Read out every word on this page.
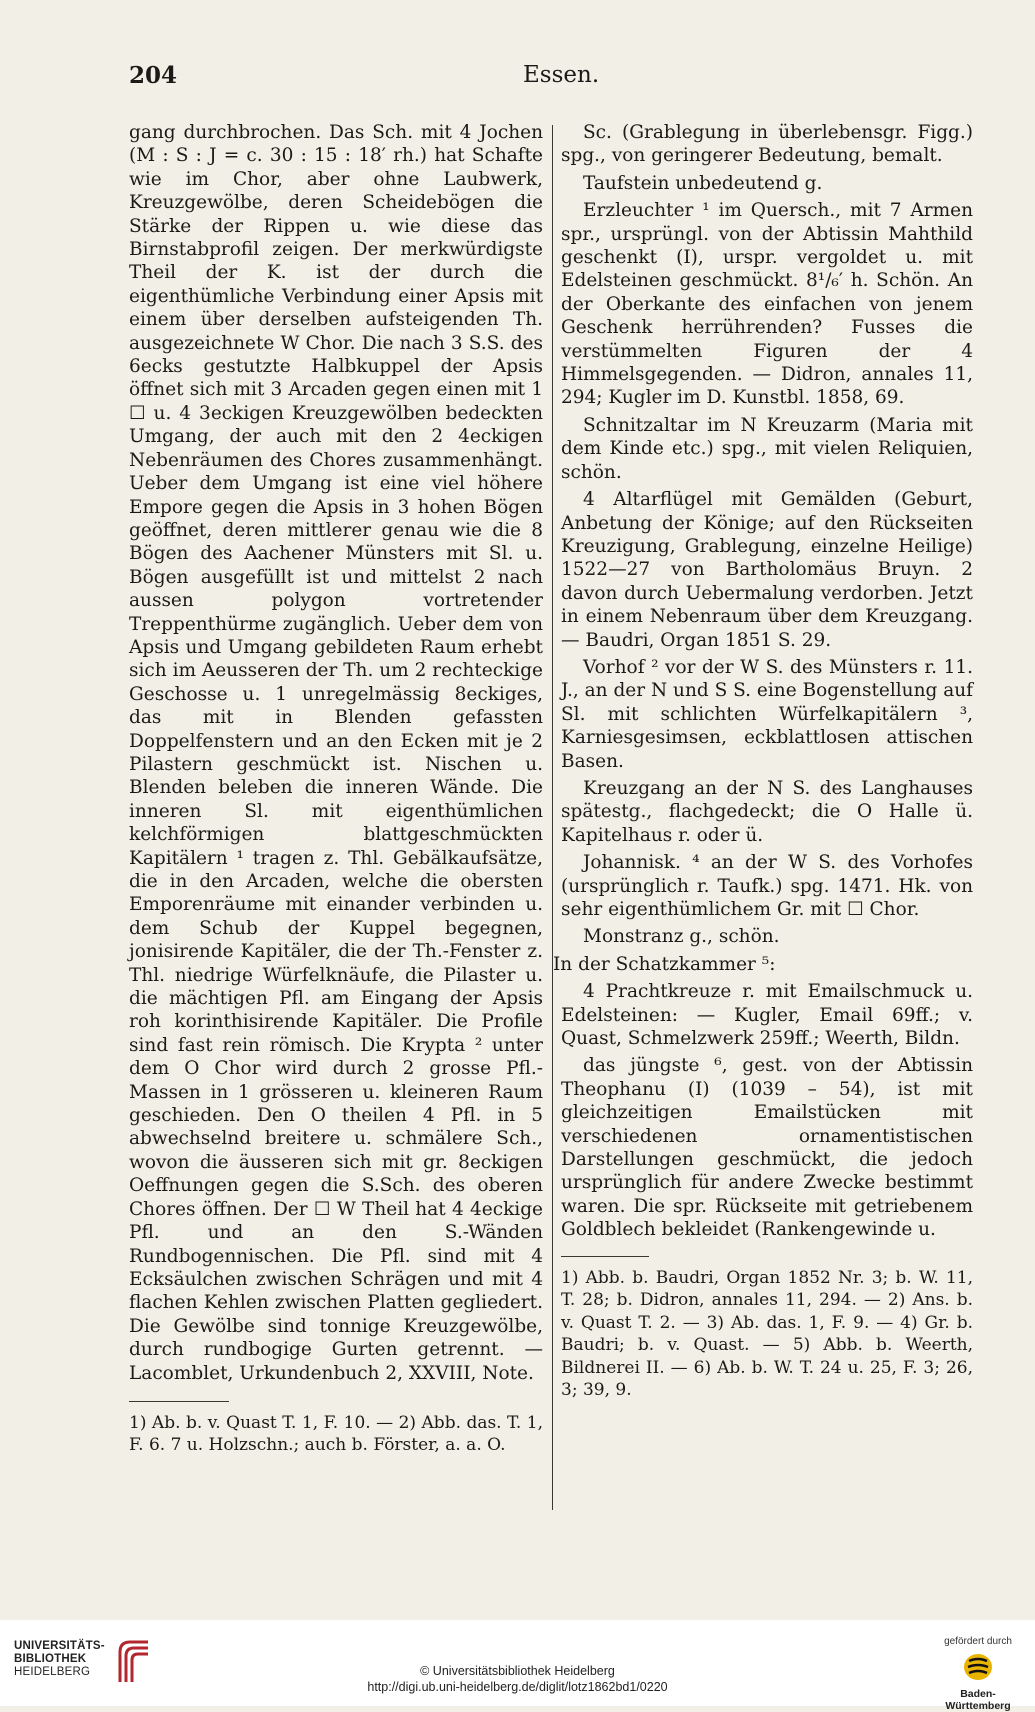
204	Essen.

gang durchbrochen. Das Sch. mit 4 Jochen (M : S : J = c. 30 : 15 : 18′ rh.) hat Schafte wie im Chor, aber ohne Laubwerk, Kreuzgewölbe, deren Scheidebögen die Stärke der Rippen u. wie diese das Birnstabprofil zeigen. Der merkwürdigste Theil der K. ist der durch die eigenthümliche Verbindung einer Apsis mit einem über derselben aufsteigenden Th. ausgezeichnete W Chor. Die nach 3 S.S. des 6ecks gestutzte Halbkuppel der Apsis öffnet sich mit 3 Arcaden gegen einen mit 1 ☐ u. 4 3eckigen Kreuzgewölben bedeckten Umgang, der auch mit den 2 4eckigen Nebenräumen des Chores zusammenhängt. Ueber dem Umgang ist eine viel höhere Empore gegen die Apsis in 3 hohen Bögen geöffnet, deren mittlerer genau wie die 8 Bögen des Aachener Münsters mit Sl. u. Bögen ausgefüllt ist und mittelst 2 nach aussen polygon vortretender Treppenthürme zugänglich. Ueber dem von Apsis und Umgang gebildeten Raum erhebt sich im Aeusseren der Th. um 2 rechteckige Geschosse u. 1 unregelmässig 8eckiges, das mit in Blenden gefassten Doppelfenstern und an den Ecken mit je 2 Pilastern geschmückt ist. Nischen u. Blenden beleben die inneren Wände. Die inneren Sl. mit eigenthümlichen kelchförmigen blattgeschmückten Kapitälern ¹ tragen z. Thl. Gebälkaufsätze, die in den Arcaden, welche die obersten Emporenräume mit einander verbinden u. dem Schub der Kuppel begegnen, jonisirende Kapitäler, die der Th.-Fenster z. Thl. niedrige Würfelknäufe, die Pilaster u. die mächtigen Pfl. am Eingang der Apsis roh korinthisirende Kapitäler. Die Profile sind fast rein römisch. Die Krypta ² unter dem O Chor wird durch 2 grosse Pfl.-Massen in 1 grösseren u. kleineren Raum geschieden. Den O theilen 4 Pfl. in 5 abwechselnd breitere u. schmälere Sch., wovon die äusseren sich mit gr. 8eckigen Oeffnungen gegen die S.Sch. des oberen Chores öffnen. Der ☐ W Theil hat 4 4eckige Pfl. und an den S.-Wänden Rundbogennischen. Die Pfl. sind mit 4 Ecksäulchen zwischen Schrägen und mit 4 flachen Kehlen zwischen Platten gegliedert. Die Gewölbe sind tonnige Kreuzgewölbe, durch rundbogige Gurten getrennt. — Lacomblet, Urkundenbuch 2, XXVIII, Note.

1) Ab. b. v. Quast T. 1, F. 10. — 2) Abb. das. T. 1, F. 6. 7 u. Holzschn.; auch b. Förster, a. a. O.

Sc. (Grablegung in überlebensgr. Figg.) spg., von geringerer Bedeutung, bemalt.

Taufstein unbedeutend g.

Erzleuchter ¹ im Quersch., mit 7 Armen spr., ursprüngl. von der Abtissin Mahthild geschenkt (I), urspr. vergoldet u. mit Edelsteinen geschmückt. 8¹/₆′ h. Schön. An der Oberkante des einfachen von jenem Geschenk herrührenden? Fusses die verstümmelten Figuren der 4 Himmelsgegenden. — Didron, annales 11, 294; Kugler im D. Kunstbl. 1858, 69.

Schnitzaltar im N Kreuzarm (Maria mit dem Kinde etc.) spg., mit vielen Reliquien, schön.

4 Altarflügel mit Gemälden (Geburt, Anbetung der Könige; auf den Rückseiten Kreuzigung, Grablegung, einzelne Heilige) 1522—27 von Bartholomäus Bruyn. 2 davon durch Uebermalung verdorben. Jetzt in einem Nebenraum über dem Kreuzgang. — Baudri, Organ 1851 S. 29.

Vorhof ² vor der W S. des Münsters r. 11. J., an der N und S S. eine Bogenstellung auf Sl. mit schlichten Würfelkapitälern ³, Karniesgesimsen, eckblattlosen attischen Basen.

Kreuzgang an der N S. des Langhauses spätestg., flachgedeckt; die O Halle ü. Kapitelhaus r. oder ü.

Johannisk. ⁴ an der W S. des Vorhofes (ursprünglich r. Taufk.) spg. 1471. Hk. von sehr eigenthümlichem Gr. mit ☐ Chor.

Monstranz g., schön.

In der Schatzkammer ⁵:

4 Prachtkreuze r. mit Emailschmuck u. Edelsteinen: — Kugler, Email 69ff.; v. Quast, Schmelzwerk 259ff.; Weerth, Bildn.

das jüngste ⁶, gest. von der Abtissin Theophanu (I) (1039 – 54), ist mit gleichzeitigen Emailstücken mit verschiedenen ornamentistischen Darstellungen geschmückt, die jedoch ursprünglich für andere Zwecke bestimmt waren. Die spr. Rückseite mit getriebenem Goldblech bekleidet (Rankengewinde u.

1) Abb. b. Baudri, Organ 1852 Nr. 3; b. W. 11, T. 28; b. Didron, annales 11, 294. — 2) Ans. b. v. Quast T. 2. — 3) Ab. das. 1, F. 9. — 4) Gr. b. Baudri; b. v. Quast. — 5) Abb. b. Weerth, Bildnerei II. — 6) Ab. b. W. T. 24 u. 25, F. 3; 26, 3; 39, 9.
UNIVERSITÄTS-
BIBLIOTHEK
HEIDELBERG	© Universitätsbibliothek Heidelberg
http://digi.ub.uni-heidelberg.de/diglit/lotz1862bd1/0220
gefördert durch
Baden-Württemberg
